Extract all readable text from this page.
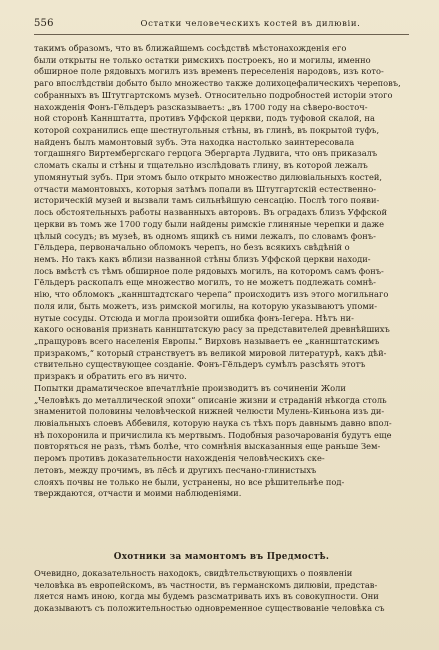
556	Остатки человеческихъ костей въ дилювіи.
такимъ образомъ, что въ ближайшемъ сосѣдствѣ мѣстонахожденія его
были открыты не только остатки римскихъ построекъ, но и могилы, именно
обширное поле рядовыхъ могилъ изъ временъ переселенія народовъ, изъ кото-
раго впослѣдствіи добыто было множество также долихоцефалическихъ череповъ,
собранныхъ въ Штутгартскомъ музеѣ. Относительно подробностей исторіи этого
нахожденія Фонъ-Гёльдеръ разсказываетъ: „въ 1700 году на сѣверо-восточ-
ной сторонѣ Каннштатта, противъ Уффской церкви, подъ туфовой скалой, на
которой сохранились еще шестнугольныя стѣны, въ глинѣ, въ покрытой туфъ,
найденъ былъ мамонтовый зубъ. Эта находка настолько заинтересовала
тогдашняго Виртембергскаго герцога Эбергарта Лудвига, что онъ приказалъ
сломать скалы и стѣны и тщательно изслѣдовать глину, въ которой лежалъ
упомянутый зубъ. При этомъ было открыто множество дилювіальныхъ костей,
отчасти мамонтовыхъ, которыя затѣмъ попали въ Штутгартскій естественно-
историческій музей и вызвали тамъ сильнѣйшую сенсацію. Послѣ того появи-
лось обстоятельныхъ работы названныхъ авторовъ. Въ оградахъ близъ Уффской
церкви въ томъ же 1700 году были найдены римскіе глиняные черепки и даже
цѣлый сосудъ; въ музеѣ, въ одномъ ящикѣ съ ними лежалъ, по словамъ фонъ-
Гёльдера, первоначально обломокъ черепъ, но безъ всякихъ свѣдѣній о
немъ. Но такъ какъ вблизи названной стѣны близъ Уффской церкви находи-
лось вмѣстѣ съ тѣмъ обширное поле рядовыхъ могилъ, на которомъ самъ фонъ-
Гёльдеръ раскопалъ еще множество могилъ, то не можетъ подлежать сомнѣ-
нію, что обломокъ „каннштадтскаго черепа“ происходитъ изъ этого могильнаго
поля или, быть можетъ, изъ римской могилы, на которую указываютъ упоми-
нутые сосуды. Отсюда и могла произойти ошибка фонъ-Іегера. Нѣтъ ни-
какого основанія признать каннштатскую расу за представителей древнѣйшихъ
„пращуровъ всего населенія Европы.“ Вирховъ называетъ ее „каннштатскимъ
призракомъ,“ который странствуетъ въ великой мировой литературѣ, какъ дѣй-
ствительно существующее созданіе. Фонъ-Гёльдеръ сумѣлъ разсѣять этотъ
призракъ и обратить его въ ничто.
Попытки драматическое впечатлѣніе производитъ въ сочиненіи Жоли
„Человѣкъ до металлической эпохи“ описаніе жизни и страданій нѣкогда столь
знаменитой половины человѣческой нижней челюсти Мулень-Киньона изъ ди-
лювіальныхъ слоевъ Аббевиля, которую наука съ тѣхъ поръ давнымъ давно впол-
нѣ похоронила и причислила къ мертвымъ. Подобныя разочарованія будутъ еще
повторяться не разъ, тѣмъ болѣе, что сомнѣнія высказанныя еще раньше Зем-
перомъ противъ доказательности нахожденія человѣческихъ ске-
летовъ, между прочимъ, въ лёсѣ и другихъ песчано-глинистыхъ
слояхъ почвы не только не были, устранены, но все рѣшительнѣе под-
тверждаются, отчасти и моими наблюденіями.
Охотники за мамонтомъ въ Предмостѣ.
Очевидно, доказательность находокъ, свидѣтельствующихъ о появленіи
человѣка въ европейскомъ, въ частности, въ германскомъ дилювіи, представ-
ляется намъ иною, когда мы будемъ разсматривать ихъ въ совокупности. Они
доказываютъ съ положительностью одновременное существованіе человѣка съ
